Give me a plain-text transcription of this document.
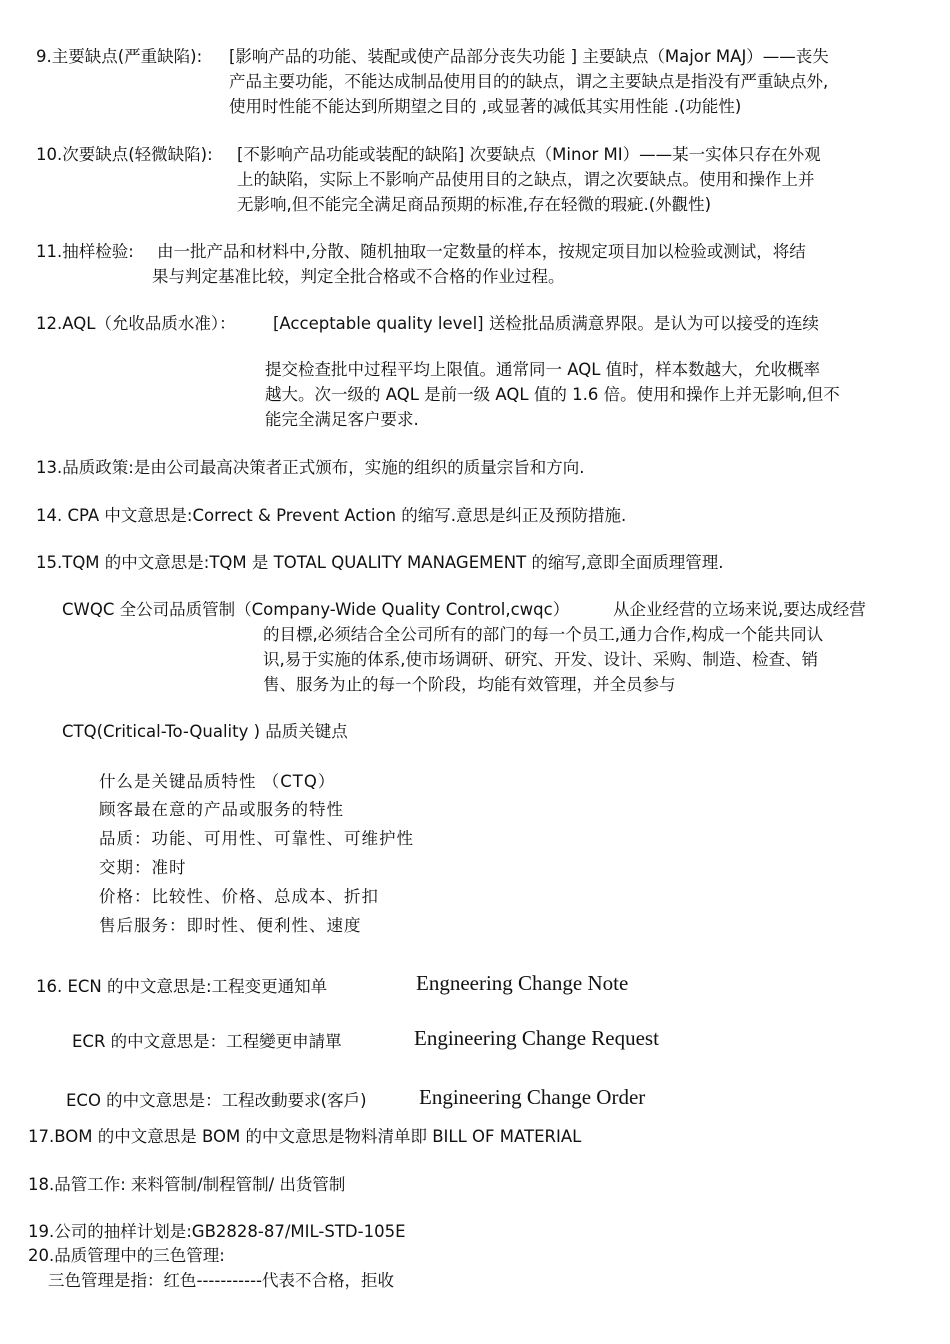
9.主要缺点(严重缺陷): [影响产品的功能、装配或使产品部分丧失功能 ] 主要缺点（Major MAJ）——丧失
产品主要功能，不能达成制品使用目的的缺点，谓之主要缺点是指没有严重缺点外,
使用时性能不能达到所期望之目的 ,或显著的减低其实用性能 .(功能性)
10.次要缺点(轻微缺陷): [不影响产品功能或装配的缺陷] 次要缺点（Minor MI）——某一实体只存在外观
上的缺陷，实际上不影响产品使用目的之缺点，谓之次要缺点。使用和操作上并
无影响,但不能完全满足商品预期的标准,存在轻微的瑕疵.(外觀性)
11.抽样检验: 由一批产品和材料中,分散、随机抽取一定数量的样本，按规定项目加以检验或测试，将结
果与判定基准比较，判定全批合格或不合格的作业过程。
12.AQL（允收品质水准）： [Acceptable quality level] 送检批品质满意界限。是认为可以接受的连续
提交检查批中过程平均上限值。通常同一 AQL 值时，样本数越大，允收概率
越大。次一级的 AQL 是前一级 AQL 值的 1.6 倍。使用和操作上并无影响,但不
能完全满足客户要求.
13.品质政策:是由公司最高决策者正式颁布，实施的组织的质量宗旨和方向.
14. CPA 中文意思是:Correct & Prevent Action 的缩写.意思是纠正及预防措施.
15.TQM 的中文意思是:TQM 是 TOTAL QUALITY MANAGEMENT 的缩写,意即全面质理管理.
CWQC 全公司品质管制（Company-Wide Quality Control,cwqc）	从企业经营的立场来说,要达成经营
的目標,必须结合全公司所有的部门的每一个员工,通力合作,构成一个能共同认
识,易于实施的体系,使市场调研、研究、开发、设计、采购、制造、检查、销
售、服务为止的每一个阶段，均能有效管理，并全员参与
CTQ(Critical-To-Quality ) 品质关键点
什么是关键品质特性 （CTQ）
顾客最在意的产品或服务的特性
品质：功能、可用性、可靠性、可维护性
交期：准时
价格：比较性、价格、总成本、折扣
售后服务：即时性、便利性、速度
16. ECN 的中文意思是:工程变更通知单	Engneering Change Note
ECR 的中文意思是：工程變更申請單	Engineering Change Request
ECO 的中文意思是：工程改動要求(客戶) Engineering Change Order
17.BOM 的中文意思是 BOM 的中文意思是物料清单即 BILL OF MATERIAL
18.品管工作: 来料管制/制程管制/ 出货管制
19.公司的抽样计划是:GB2828-87/MIL-STD-105E
20.品质管理中的三色管理:
三色管理是指：红色-----------代表不合格，拒收
